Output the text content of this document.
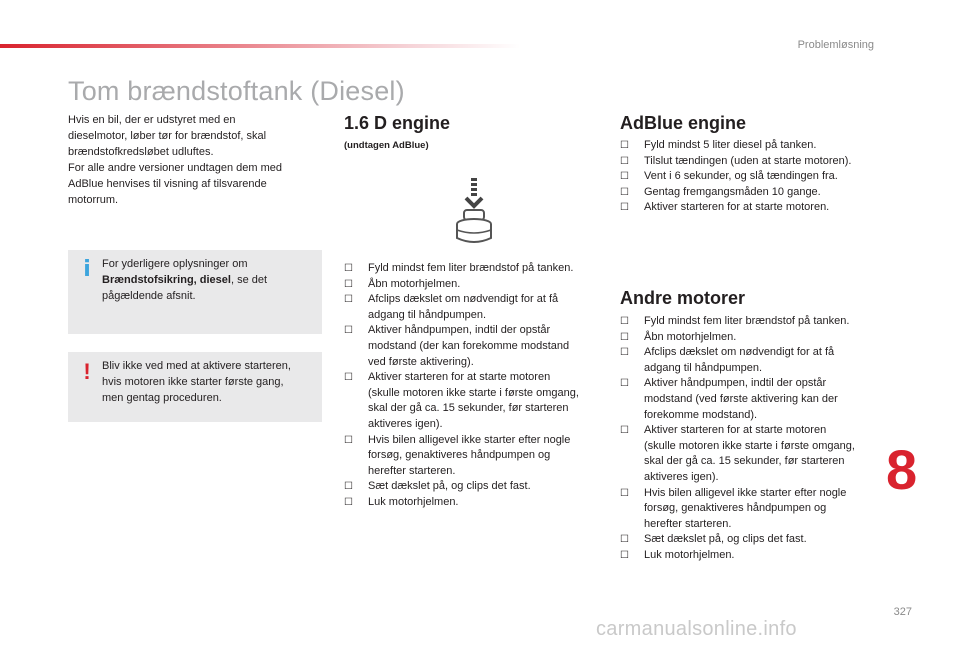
Problemløsning
Tom brændstoftank (Diesel)

Hvis en bil, der er udstyret med en
dieselmotor, løber tør for brændstof, skal
brændstofkredsløbet udluftes.
For alle andre versioner undtagen dem med
AdBlue henvises til visning af tilsvarende
motorrum.

i	For yderligere oplysninger om
Brændstofsikring, diesel, se det
pågældende afsnit.
!	Bliv ikke ved med at aktivere starteren,
hvis motoren ikke starter første gang,
men gentag proceduren.
1.6 D engine
(undtagen AdBlue)
☐ Fyld mindst fem liter brændstof på tanken.
☐ Åbn motorhjelmen.
☐ Afclips dækslet om nødvendigt for at få
adgang til håndpumpen.
☐ Aktiver håndpumpen, indtil der opstår
modstand (der kan forekomme modstand
ved første aktivering).
☐ Aktiver starteren for at starte motoren
(skulle motoren ikke starte i første omgang,
skal der gå ca. 15 sekunder, før starteren
aktiveres igen).
☐ Hvis bilen alligevel ikke starter efter nogle
forsøg, genaktiveres håndpumpen og
herefter starteren.
☐ Sæt dækslet på, og clips det fast.
☐ Luk motorhjelmen.
AdBlue engine
☐ Fyld mindst 5 liter diesel på tanken.
☐ Tilslut tændingen (uden at starte motoren).
☐ Vent i 6 sekunder, og slå tændingen fra.
☐ Gentag fremgangsmåden 10 gange.
☐ Aktiver starteren for at starte motoren.
Andre motorer
☐ Fyld mindst fem liter brændstof på tanken.
☐ Åbn motorhjelmen.
☐ Afclips dækslet om nødvendigt for at få
adgang til håndpumpen.
☐ Aktiver håndpumpen, indtil der opstår
modstand (ved første aktivering kan der
forekomme modstand).
☐ Aktiver starteren for at starte motoren
(skulle motoren ikke starte i første omgang,
skal der gå ca. 15 sekunder, før starteren
aktiveres igen).
☐ Hvis bilen alligevel ikke starter efter nogle
forsøg, genaktiveres håndpumpen og
herefter starteren.
☐ Sæt dækslet på, og clips det fast.
☐ Luk motorhjelmen.
8
327
carmanualsonline.info
